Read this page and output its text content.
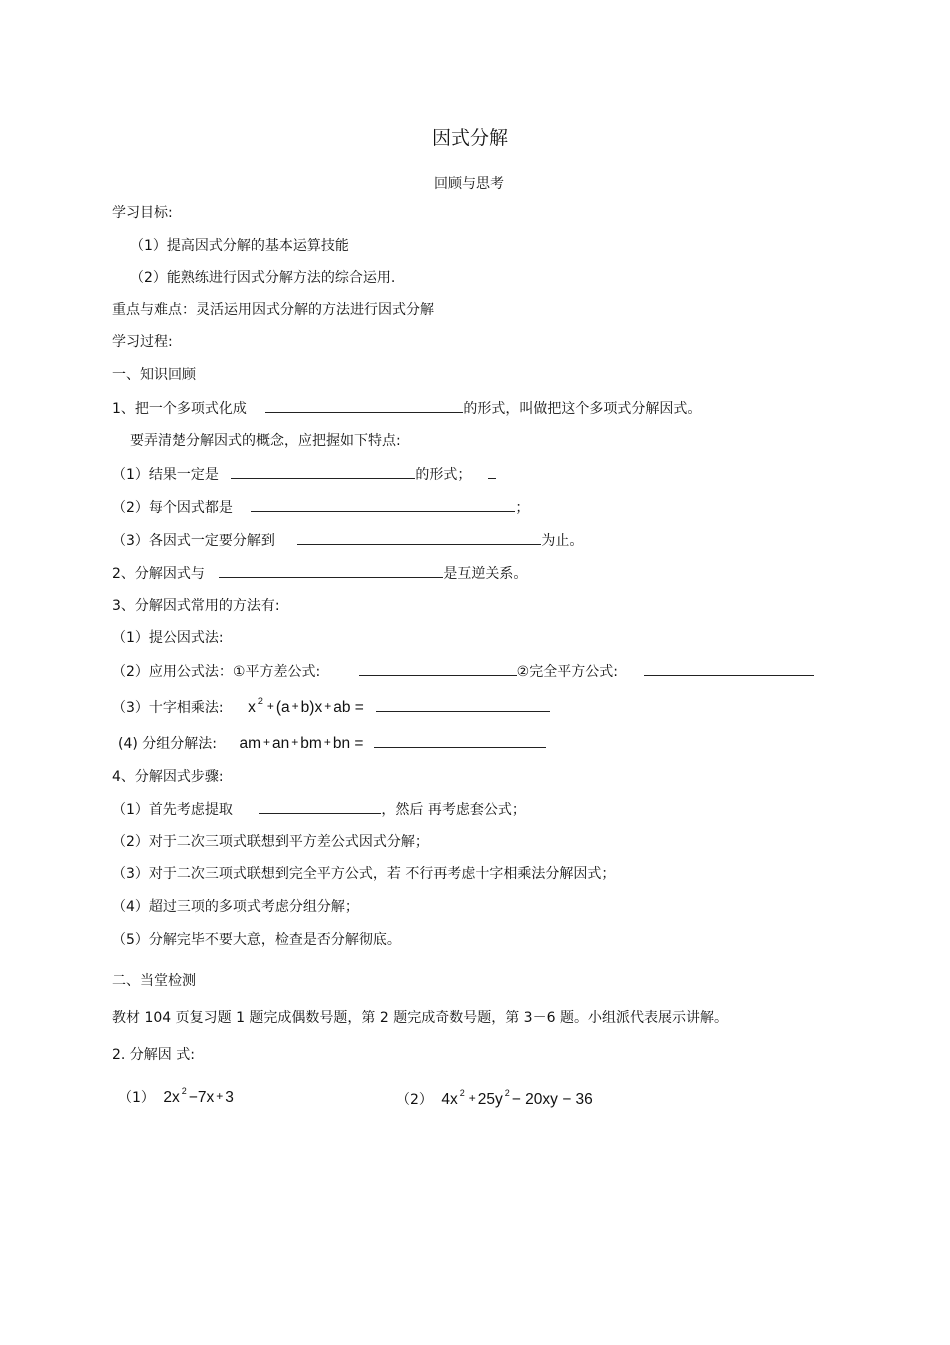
因式分解
回顾与思考
学习目标:
（1）提高因式分解的基本运算技能
（2）能熟练进行因式分解方法的综合运用.
重点与难点：灵活运用因式分解的方法进行因式分解
学习过程:
一、知识回顾
1、把一个多项式化成	的形式，叫做把这个多项式分解因式。
要弄清楚分解因式的概念，应把握如下特点:
（1）结果一定是	的形式；
（2）每个因式都是	；
（3）各因式一定要分解到	为止。
2、分解因式与	是互逆关系。
3、分解因式常用的方法有:
（1）提公因式法:
（2）应用公式法：①平方差公式:	②完全平方公式:
（3）十字相乘法: x $^2$ + (a + b)x + ab =
(4) 分组分解法: am + an + bm + bn =
4、分解因式步骤:
（1）首先考虑提取	，然后 再考虑套公式；
（2）对于二次三项式联想到平方差公式因式分解；
（3）对于二次三项式联想到完全平方公式，若 不行再考虑十字相乘法分解因式；
（4）超过三项的多项式考虑分组分解；
（5）分解完毕不要大意，检查是否分解彻底。
二、当堂检测
教材 104 页复习题 1 题完成偶数号题，第 2 题完成奇数号题，第 3－6 题。小组派代表展示讲解。
2. 分解因 式:
（1） 2x $^2$ −7x + 3	（2） 4x $^2$ + 25y $^2$ − 20xy − 36
